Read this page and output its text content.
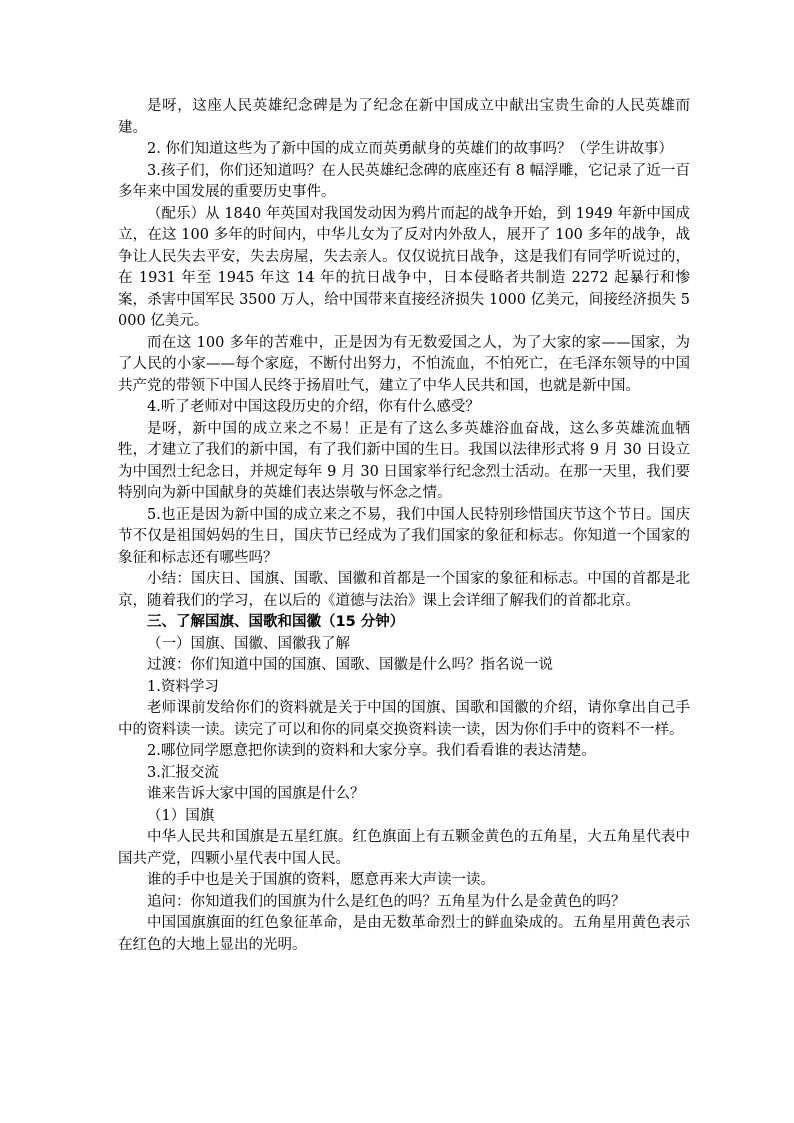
是呀，这座人民英雄纪念碑是为了纪念在新中国成立中献出宝贵生命的人民英雄而建。

2. 你们知道这些为了新中国的成立而英勇献身的英雄们的故事吗？（学生讲故事）

3.孩子们，你们还知道吗？在人民英雄纪念碑的底座还有 8 幅浮雕，它记录了近一百多年来中国发展的重要历史事件。

（配乐）从 1840 年英国对我国发动因为鸦片而起的战争开始，到 1949 年新中国成立，在这 100 多年的时间内，中华儿女为了反对内外敌人，展开了 100 多年的战争，战争让人民失去平安，失去房屋，失去亲人。仅仅说抗日战争，这是我们有同学听说过的，在 1931 年至 1945 年这 14 年的抗日战争中，日本侵略者共制造 2272 起暴行和惨案，杀害中国军民 3500 万人，给中国带来直接经济损失 1000 亿美元，间接经济损失 5000 亿美元。

而在这 100 多年的苦难中，正是因为有无数爱国之人，为了大家的家——国家，为了人民的小家——每个家庭，不断付出努力，不怕流血，不怕死亡，在毛泽东领导的中国共产党的带领下中国人民终于扬眉吐气，建立了中华人民共和国，也就是新中国。

4.听了老师对中国这段历史的介绍，你有什么感受？

是呀，新中国的成立来之不易！正是有了这么多英雄浴血奋战，这么多英雄流血牺牲，才建立了我们的新中国，有了我们新中国的生日。我国以法律形式将 9 月 30 日设立为中国烈士纪念日，并规定每年 9 月 30 日国家举行纪念烈士活动。在那一天里，我们要特别向为新中国献身的英雄们表达崇敬与怀念之情。

5.也正是因为新中国的成立来之不易，我们中国人民特别珍惜国庆节这个节日。国庆节不仅是祖国妈妈的生日，国庆节已经成为了我们国家的象征和标志。你知道一个国家的象征和标志还有哪些吗？

小结：国庆日、国旗、国歌、国徽和首都是一个国家的象征和标志。中国的首都是北京，随着我们的学习，在以后的《道德与法治》课上会详细了解我们的首都北京。

三、了解国旗、国歌和国徽（15 分钟）

（一）国旗、国徽、国徽我了解

过渡：你们知道中国的国旗、国歌、国徽是什么吗？指名说一说

1.资料学习

老师课前发给你们的资料就是关于中国的国旗、国歌和国徽的介绍，请你拿出自己手中的资料读一读。读完了可以和你的同桌交换资料读一读，因为你们手中的资料不一样。

2.哪位同学愿意把你读到的资料和大家分享。我们看看谁的表达清楚。

3.汇报交流

谁来告诉大家中国的国旗是什么？

（1）国旗

中华人民共和国旗是五星红旗。红色旗面上有五颗金黄色的五角星，大五角星代表中国共产党，四颗小星代表中国人民。

谁的手中也是关于国旗的资料，愿意再来大声读一读。

追问：你知道我们的国旗为什么是红色的吗？五角星为什么是金黄色的吗？

中国国旗旗面的红色象征革命，是由无数革命烈士的鲜血染成的。五角星用黄色表示在红色的大地上显出的光明。
